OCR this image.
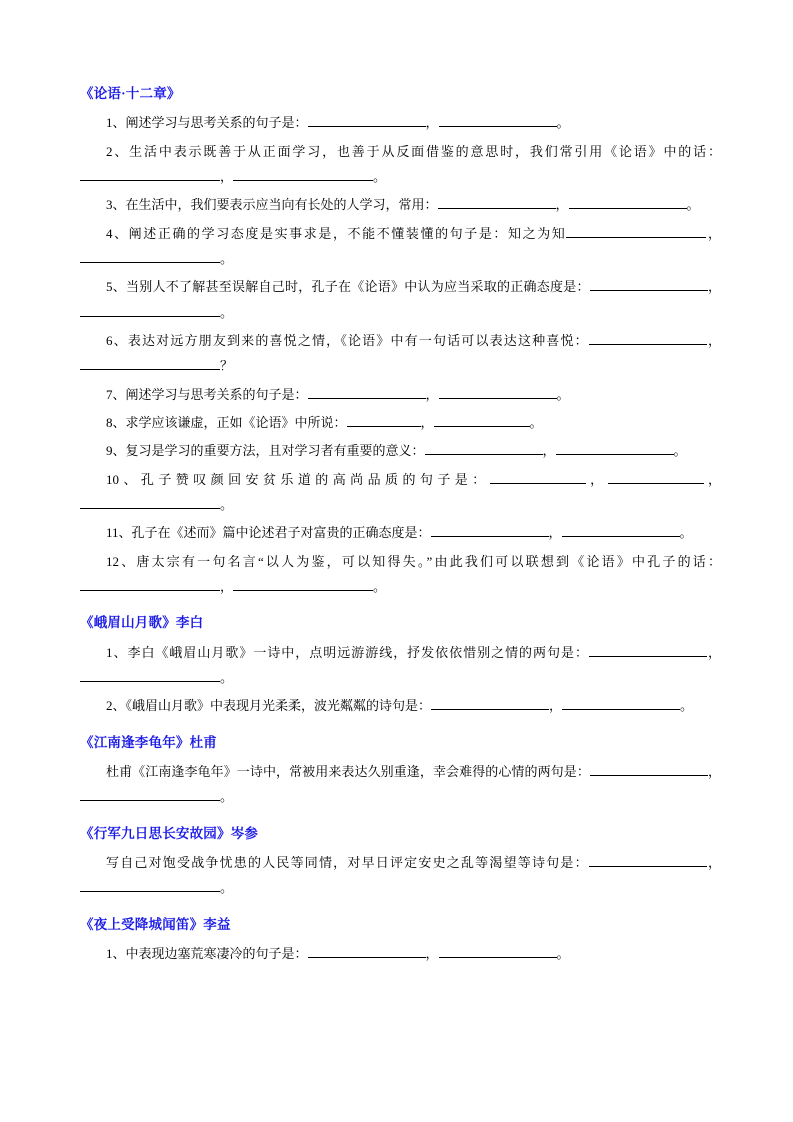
《论语·十二章》

1、阐述学习与思考关系的句子是：	，	。

2、生活中表示既善于从正面学习，也善于从反面借鉴的意思时，我们常引用《论语》中的话：，	。

3、在生活中，我们要表示应当向有长处的人学习，常用：	，	。

4、阐述正确的学习态度是实事求是，不能不懂装懂的句子是：知之为知	，。

5、当别人不了解甚至误解自己时，孔子在《论语》中认为应当采取的正确态度是：	，。

6、表达对远方朋友到来的喜悦之情，《论语》中有一句话可以表达这种喜悦：	，？

7、阐述学习与思考关系的句子是：	，	。

8、求学应该谦虚，正如《论语》中所说：	，	。

9、复习是学习的重要方法，且对学习者有重要的意义：	，	。

10、孔子赞叹颜回安贫乐道的高尚品质的句子是：	，	，。

11、孔子在《述而》篇中论述君子对富贵的正确态度是：	，	。

12、唐太宗有一句名言“以人为鉴，可以知得失。”由此我们可以联想到《论语》中孔子的话：，	。

《峨眉山月歌》李白

1、李白《峨眉山月歌》一诗中，点明远游游线，抒发依依惜别之情的两句是：	，。

2、《峨眉山月歌》中表现月光柔柔，波光粼粼的诗句是：	，	。

《江南逢李龟年》杜甫

杜甫《江南逢李龟年》一诗中，常被用来表达久别重逢，幸会难得的心情的两句是：	，。

《行军九日思长安故园》岑参

写自己对饱受战争忧患的人民等同情，对早日评定安史之乱等渴望等诗句是：	，。

《夜上受降城闻笛》李益

1、中表现边塞荒寒凄冷的句子是：	，	。
